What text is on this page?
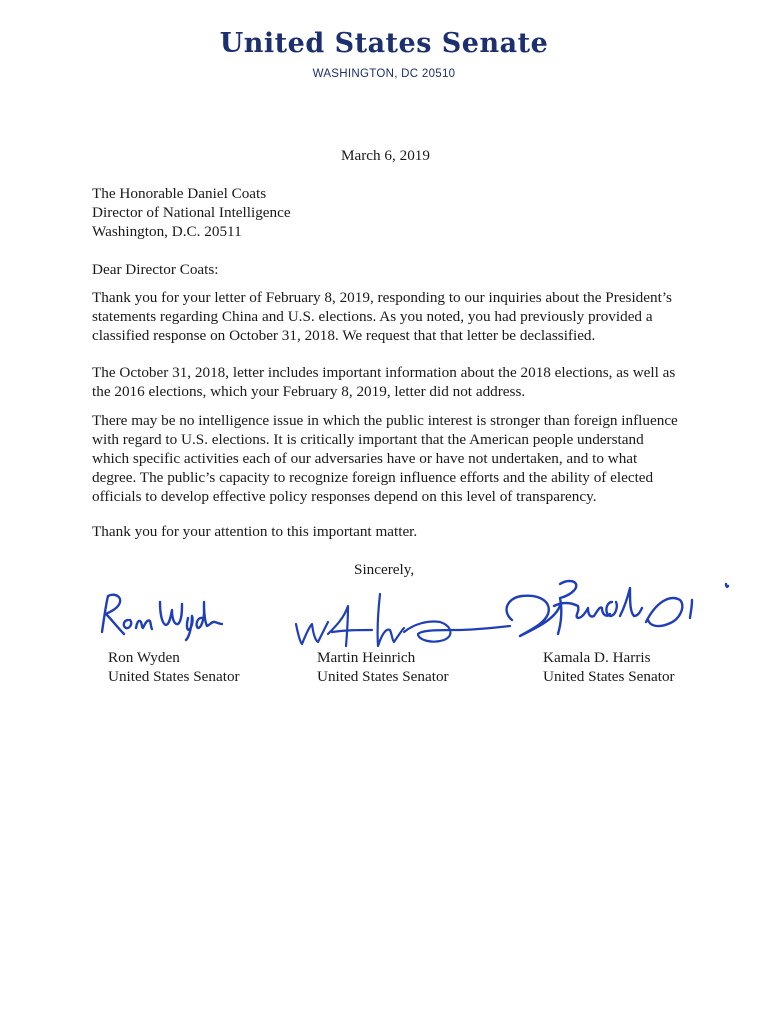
United States Senate
WASHINGTON, DC 20510
March 6, 2019
The Honorable Daniel Coats
Director of National Intelligence
Washington, D.C. 20511
Dear Director Coats:
Thank you for your letter of February 8, 2019, responding to our inquiries about the President’s
statements regarding China and U.S. elections. As you noted, you had previously provided a
classified response on October 31, 2018. We request that that letter be declassified.
The October 31, 2018, letter includes important information about the 2018 elections, as well as
the 2016 elections, which your February 8, 2019, letter did not address.
There may be no intelligence issue in which the public interest is stronger than foreign influence
with regard to U.S. elections. It is critically important that the American people understand
which specific activities each of our adversaries have or have not undertaken, and to what
degree. The public’s capacity to recognize foreign influence efforts and the ability of elected
officials to develop effective policy responses depend on this level of transparency.
Thank you for your attention to this important matter.
Sincerely,
Ron Wyden
United States Senator
Martin Heinrich
United States Senator
Kamala D. Harris
United States Senator
